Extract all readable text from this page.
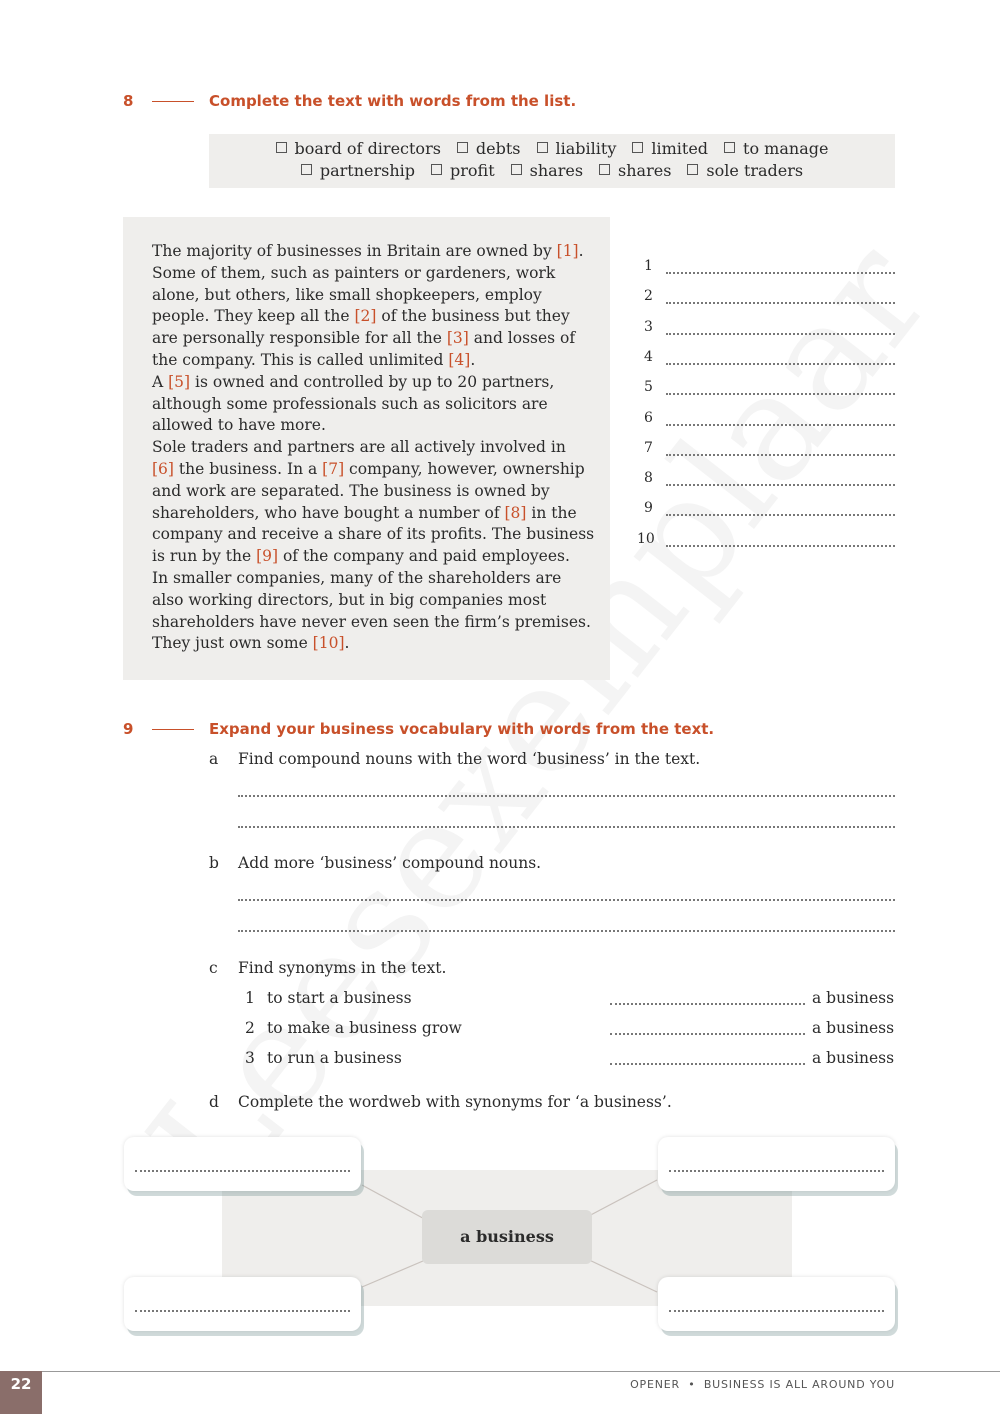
8	Complete the text with words from the list.
board of directors debts liability limited to manage
partnership profit shares shares sole traders
The majority of businesses in Britain are owned by [1].
Some of them, such as painters or gardeners, work
alone, but others, like small shopkeepers, employ
people. They keep all the [2] of the business but they
are personally responsible for all the [3] and losses of
the company. This is called unlimited [4].
A [5] is owned and controlled by up to 20 partners,
although some professionals such as solicitors are
allowed to have more.
Sole traders and partners are all actively involved in
[6] the business. In a [7] company, however, ownership
and work are separated. The business is owned by
shareholders, who have bought a number of [8] in the
company and receive a share of its profits. The business
is run by the [9] of the company and paid employees.
In smaller companies, many of the shareholders are
also working directors, but in big companies most
shareholders have never even seen the firm’s premises.
They just own some [10].
1
2
3
4
5
6
7
8
9
10
9	Expand your business vocabulary with words from the text.
a Find compound nouns with the word ‘business’ in the text.
b Add more ‘business’ compound nouns.
c Find synonyms in the text.
1 to start a business	a business
2 to make a business grow	a business
3 to run a business	a business
d Complete the wordweb with synonyms for ‘a business’.
a business
22	OPENER • BUSINESS IS ALL AROUND YOU
